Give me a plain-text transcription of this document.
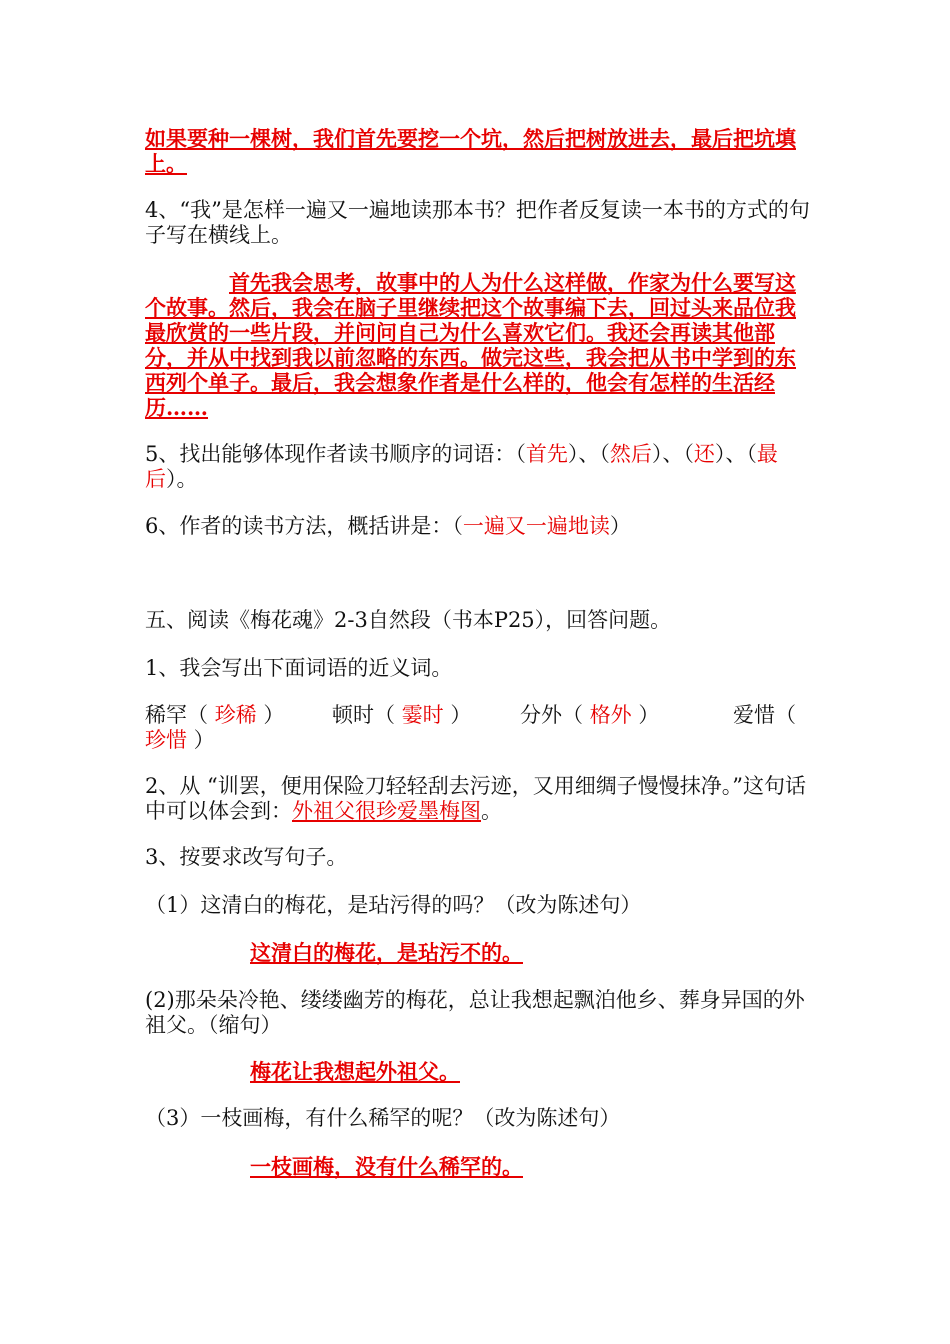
如果要种一棵树，我们首先要挖一个坑，然后把树放进去，最后把坑填上。
4、“我”是怎样一遍又一遍地读那本书？把作者反复读一本书的方式的句子写在横线上。
首先我会思考，故事中的人为什么这样做，作家为什么要写这个故事。然后，我会在脑子里继续把这个故事编下去，回过头来品位我最欣赏的一些片段，并问问自己为什么喜欢它们。我还会再读其他部分，并从中找到我以前忽略的东西。做完这些，我会把从书中学到的东西列个单子。最后，我会想象作者是什么样的，他会有怎样的生活经历……
5、找出能够体现作者读书顺序的词语：（首先）、（然后）、（还）、（最后）。
6、作者的读书方法，概括讲是：（一遍又一遍地读）
五、阅读《梅花魂》2-3自然段（书本P25），回答问题。
1、我会写出下面词语的近义词。
稀罕（ 珍稀 ） 顿时（ 霎时 ） 分外（ 格外 ）	爱惜 （
珍惜 ）
2、从 “训罢，便用保险刀轻轻刮去污迹，又用细绸子慢慢抹净。”这句话中可以体会到：外祖父很珍爱墨梅图。
3、按要求改写句子。
（1）这清白的梅花，是玷污得的吗？（改为陈述句）
这清白的梅花，是玷污不的。
(2)那朵朵冷艳、缕缕幽芳的梅花，总让我想起飘泊他乡、葬身异国的外祖父。（缩句）
梅花让我想起外祖父。
（3）一枝画梅，有什么稀罕的呢？（改为陈述句）
一枝画梅，没有什么稀罕的。
